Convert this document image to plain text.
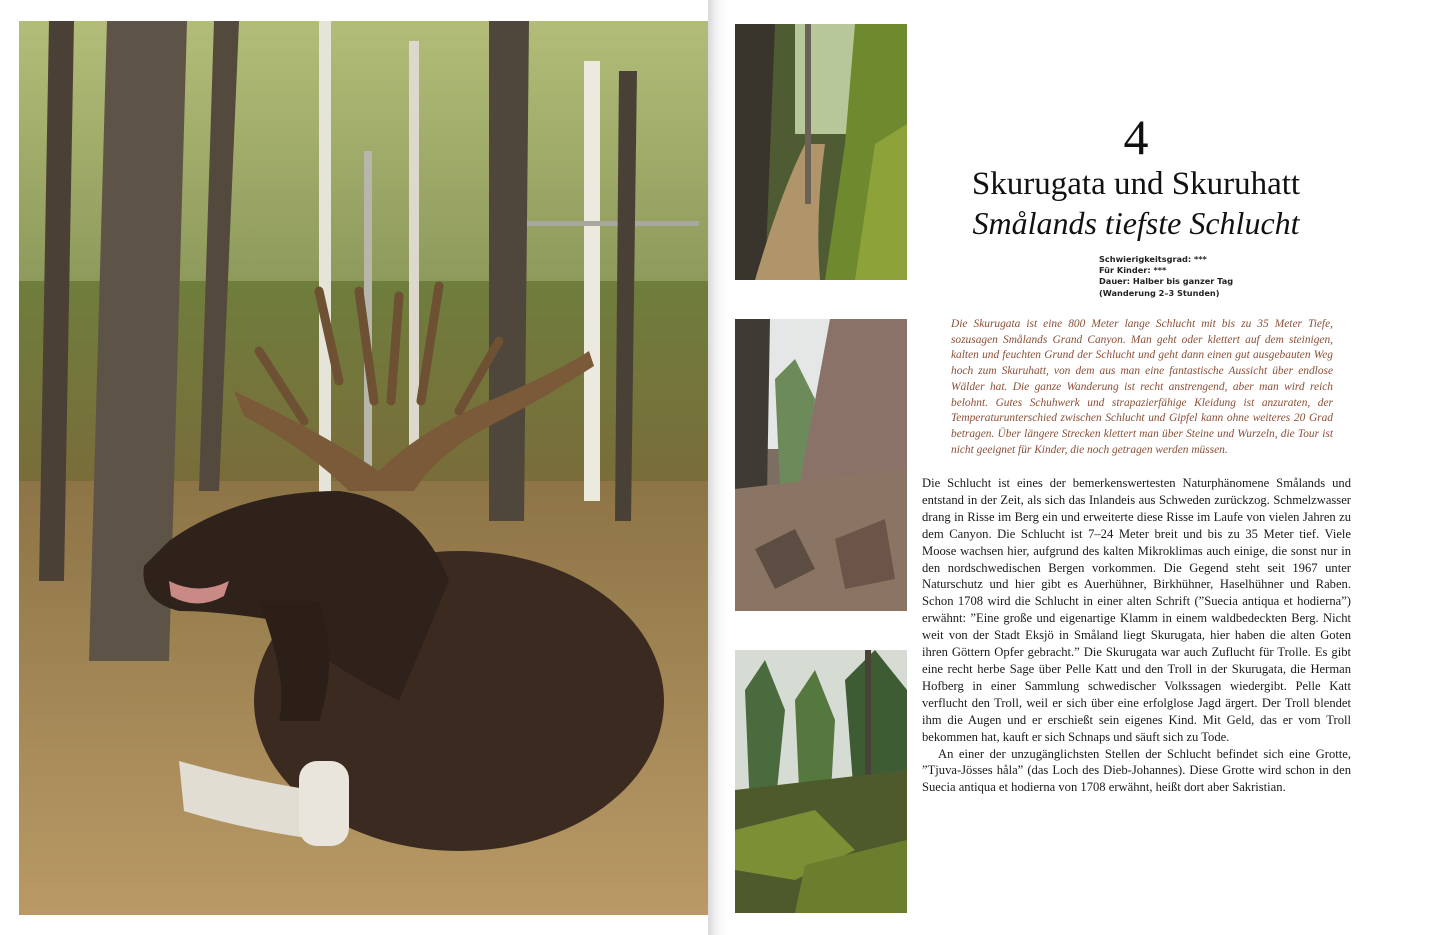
4
Skurugata und Skuruhatt
Smålands tiefste Schlucht
Schwierigkeitsgrad: ***
Für Kinder: ***
Dauer: Halber bis ganzer Tag
(Wanderung 2–3 Stunden)
Die Skurugata ist eine 800 Meter lange Schlucht mit bis zu 35 Meter Tiefe, sozusagen Smålands Grand Canyon. Man geht oder klettert auf dem steinigen, kalten und feuchten Grund der Schlucht und geht dann einen gut ausgebauten Weg hoch zum Skuruhatt, von dem aus man eine fantastische Aussicht über endlose Wälder hat. Die ganze Wanderung ist recht anstrengend, aber man wird reich belohnt. Gutes Schuhwerk und strapazierfähige Kleidung ist anzuraten, der Temperaturunterschied zwischen Schlucht und Gipfel kann ohne weiteres 20 Grad betragen. Über längere Strecken klettert man über Steine und Wurzeln, die Tour ist nicht geeignet für Kinder, die noch getragen werden müssen.

Die Schlucht ist eines der bemerkenswertesten Naturphänomene Smålands und entstand in der Zeit, als sich das Inlandeis aus Schweden zurückzog. Schmelzwasser drang in Risse im Berg ein und erweiterte diese Risse im Laufe von vielen Jahren zu dem Canyon. Die Schlucht ist 7–24 Meter breit und bis zu 35 Meter tief. Viele Moose wachsen hier, aufgrund des kalten Mikroklimas auch einige, die sonst nur in den nordschwedischen Bergen vorkommen. Die Gegend steht seit 1967 unter Naturschutz und hier gibt es Auerhühner, Birkhühner, Haselhühner und Raben. Schon 1708 wird die Schlucht in einer alten Schrift (”Suecia antiqua et hodierna”) erwähnt: ”Eine große und eigenartige Klamm in einem waldbedeckten Berg. Nicht weit von der Stadt Eksjö in Småland liegt Skurugata, hier haben die alten Goten ihren Göttern Opfer gebracht.” Die Skurugata war auch Zuflucht für Trolle. Es gibt eine recht herbe Sage über Pelle Katt und den Troll in der Skurugata, die Herman Hofberg in einer Sammlung schwedischer Volkssagen wiedergibt. Pelle Katt verflucht den Troll, weil er sich über eine erfolglose Jagd ärgert. Der Troll blendet ihm die Augen und er erschießt sein eigenes Kind. Mit Geld, das er vom Troll bekommen hat, kauft er sich Schnaps und säuft sich zu Tode.

An einer der unzugänglichsten Stellen der Schlucht befindet sich eine Grotte, ”Tjuva-Jösses håla” (das Loch des Dieb-Johannes). Diese Grotte wird schon in den Suecia antiqua et hodierna von 1708 erwähnt, heißt dort aber Sakristian.
